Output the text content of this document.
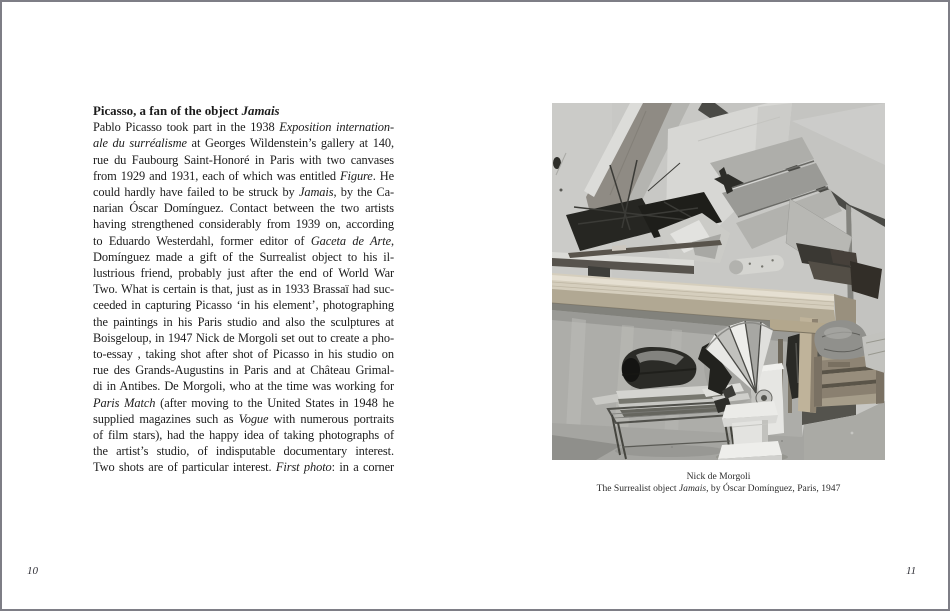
Picasso, a fan of the object Jamais
Pablo Picasso took part in the 1938 Exposition internation-
ale du surréalisme at Georges Wildenstein’s gallery at 140,
rue du Faubourg Saint-Honoré in Paris with two canvases
from 1929 and 1931, each of which was entitled Figure. He
could hardly have failed to be struck by Jamais, by the Ca-
narian Óscar Domínguez. Contact between the two artists
having strengthened considerably from 1939 on, according
to Eduardo Westerdahl, former editor of Gaceta de Arte,
Domínguez made a gift of the Surrealist object to his il-
lustrious friend, probably just after the end of World War
Two. What is certain is that, just as in 1933 Brassaï had suc-
ceeded in capturing Picasso ‘in his element’, photographing
the paintings in his Paris studio and also the sculptures at
Boisgeloup, in 1947 Nick de Morgoli set out to create a pho-
to-essay , taking shot after shot of Picasso in his studio on
rue des Grands-Augustins in Paris and at Château Grimal-
di in Antibes. De Morgoli, who at the time was working for
Paris Match (after moving to the United States in 1948 he
supplied magazines such as Vogue with numerous portraits
of film stars), had the happy idea of taking photographs of
the artist’s studio, of indisputable documentary interest.
Two shots are of particular interest. First photo: in a corner
10
Nick de Morgoli
The Surrealist object Jamais, by Óscar Domínguez, Paris, 1947
11
